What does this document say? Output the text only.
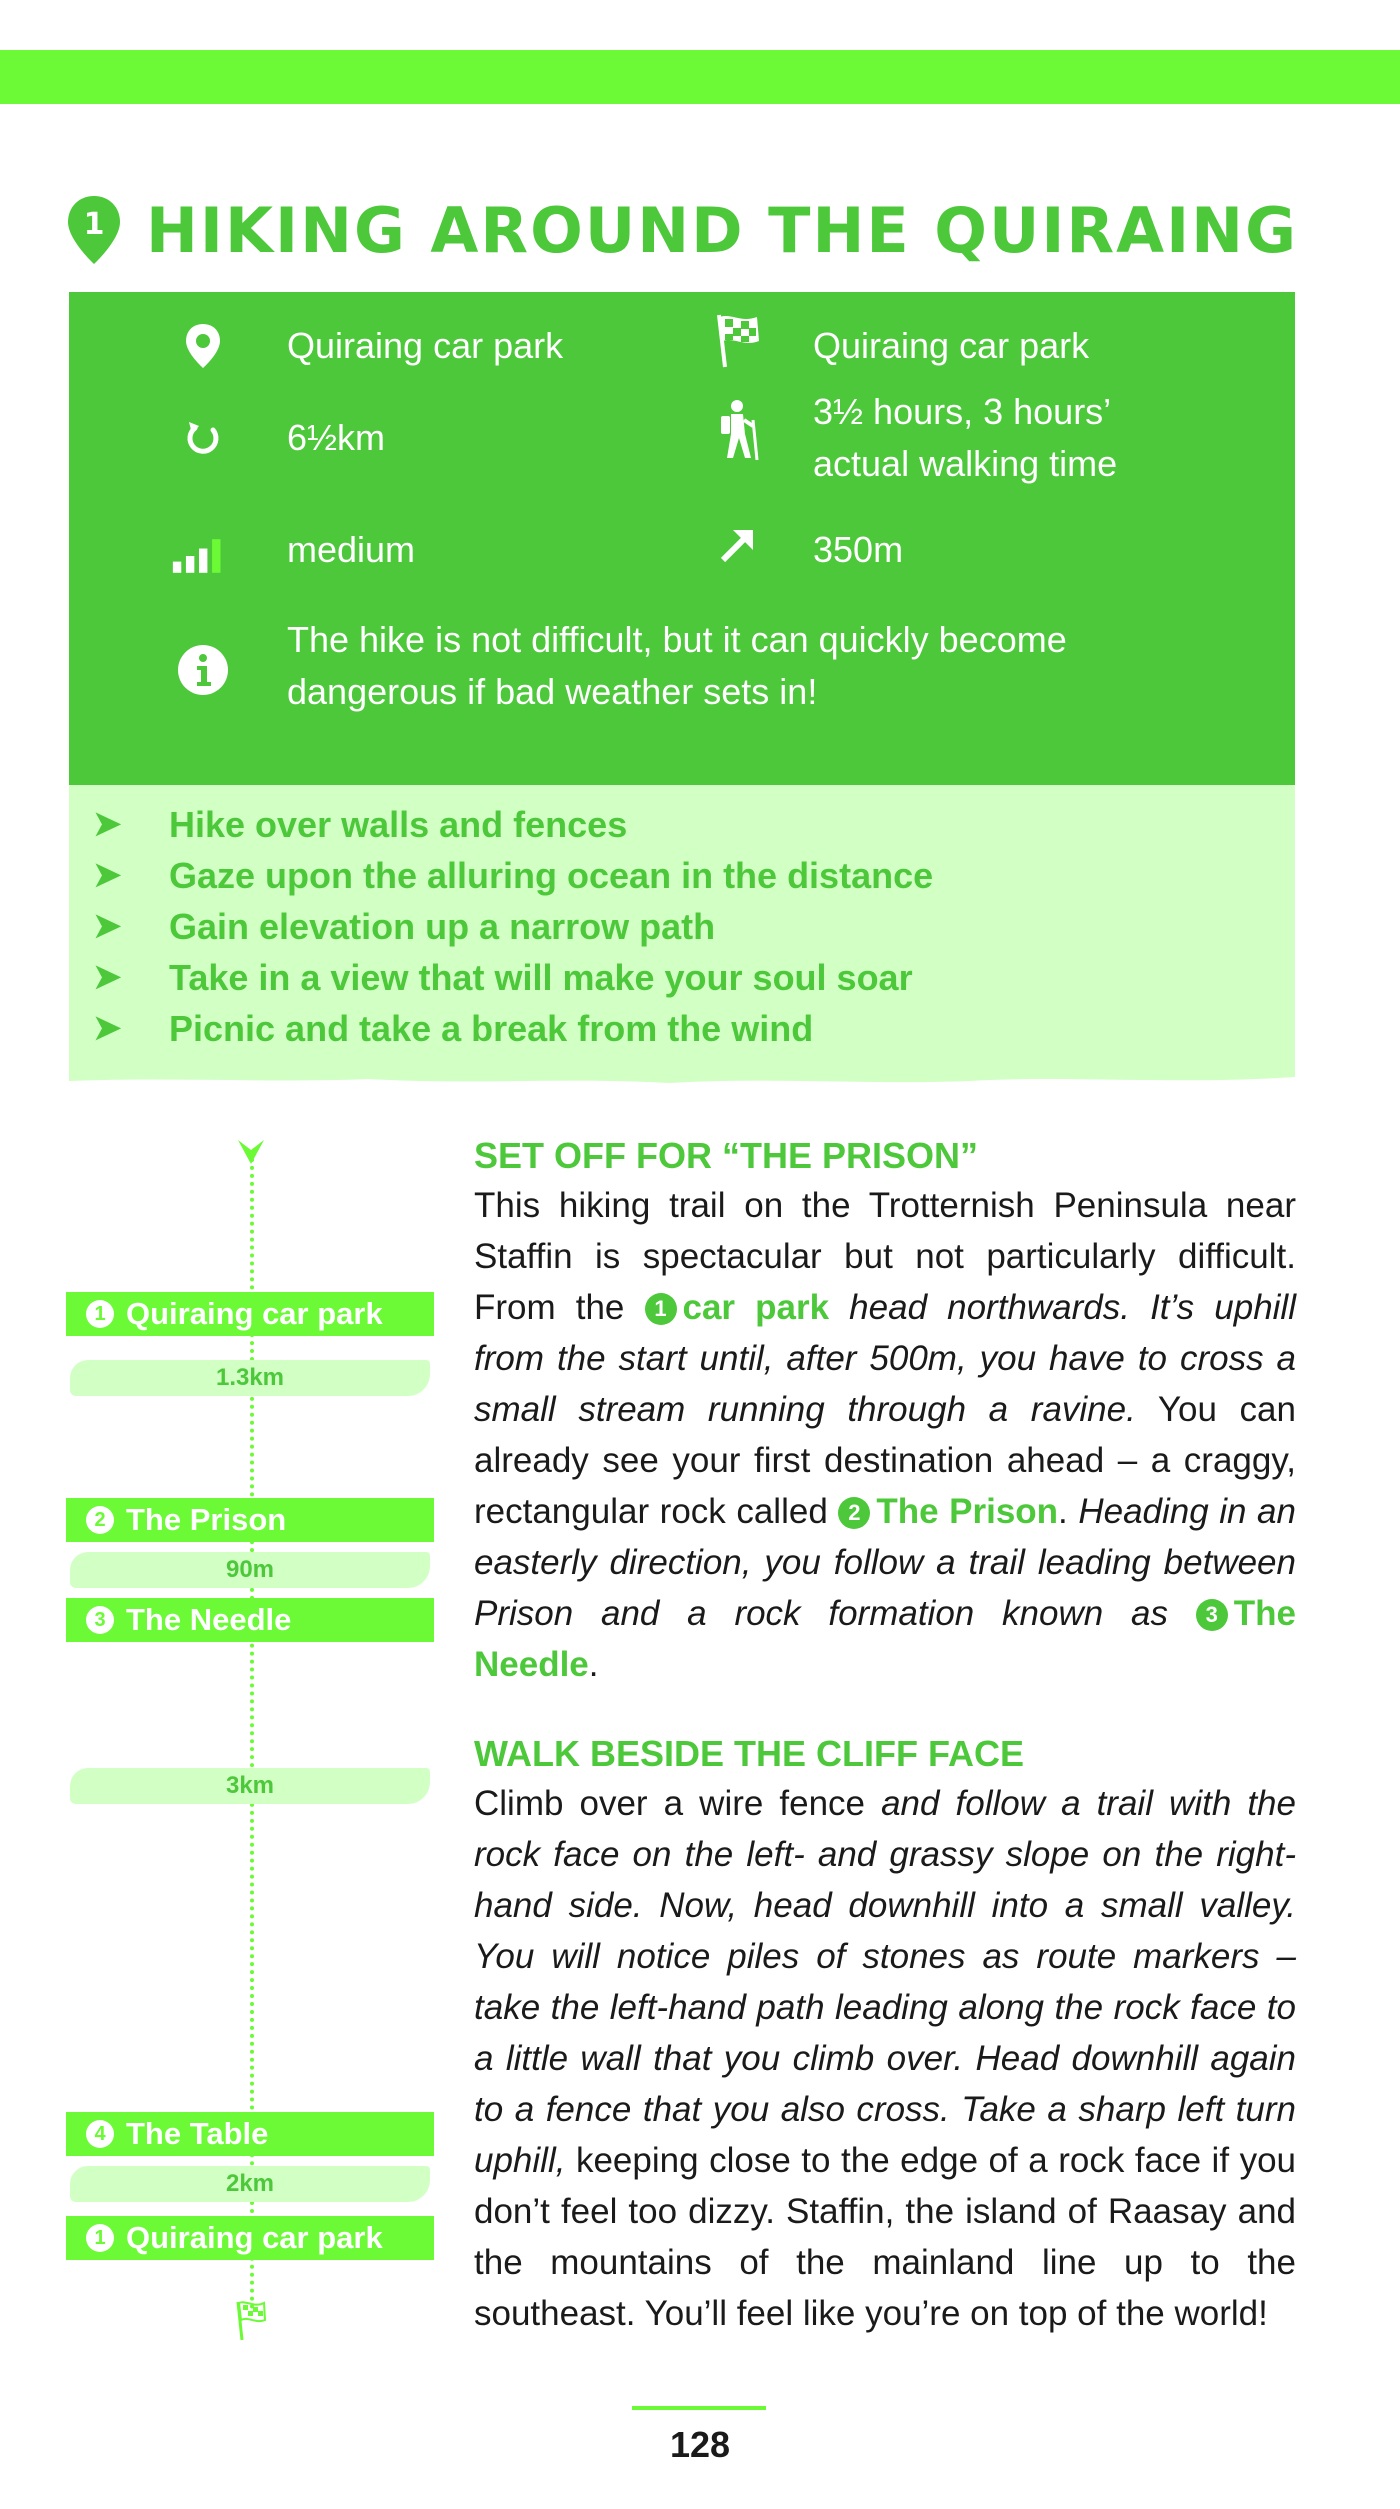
1 HIKING AROUND THE QUIRAING
Quiraing car park	Quiraing car park
6½km
3½ hours, 3 hours’
actual walking time
medium	350m
The hike is not difficult, but it can quickly become
dangerous if bad weather sets in!
➤ Hike over walls and fences
➤ Gaze upon the alluring ocean in the distance
➤ Gain elevation up a narrow path
➤ Take in a view that will make your soul soar
➤ Picnic and take a break from the wind
1 Quiraing car park
1.3km
2 The Prison
90m
3 The Needle
3km
4 The Table
2km
1 Quiraing car park
SET OFF FOR “THE PRISON”

This hiking trail on the Trotternish Peninsula near Staffin is spectacular but not particularly difficult. From the 1 car park head northwards. It’s uphill from the start until, after 500m, you have to cross a small stream running through a ravine. You can already see your first destination ahead – a craggy, rectangular rock called 2 The Prison. Heading in an easterly direction, you follow a trail leading between Prison and a rock formation known as 3 The Needle.

WALK BESIDE THE CLIFF FACE

Climb over a wire fence and follow a trail with the rock face on the left- and grassy slope on the right-hand side. Now, head downhill into a small valley. You will notice piles of stones as route markers – take the left-hand path leading along the rock face to a little wall that you climb over. Head downhill again to a fence that you also cross. Take a sharp left turn uphill, keeping close to the edge of a rock face if you don’t feel too dizzy. Staffin, the island of Raasay and the mountains of the mainland line up to the southeast. You’ll feel like you’re on top of the world!

128
